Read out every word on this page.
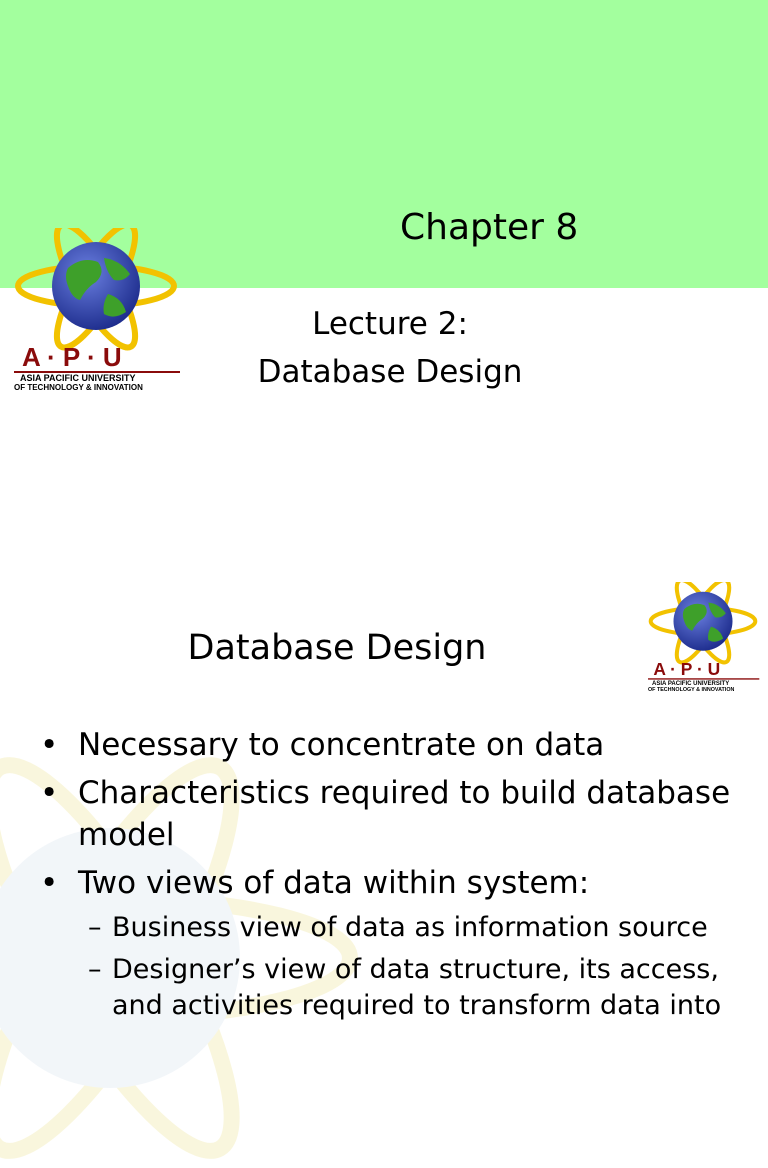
Chapter 8
Lecture 2:
Database Design
A · P · U
ASIA PACIFIC UNIVERSITY
OF TECHNOLOGY & INNOVATION
Database Design
A · P · U
ASIA PACIFIC UNIVERSITY
OF TECHNOLOGY & INNOVATION
• Necessary to concentrate on data
• Characteristics required to build database model
• Two views of data within system:
– Business view of data as information source
– Designer’s view of data structure, its access, and activities required to transform data into
